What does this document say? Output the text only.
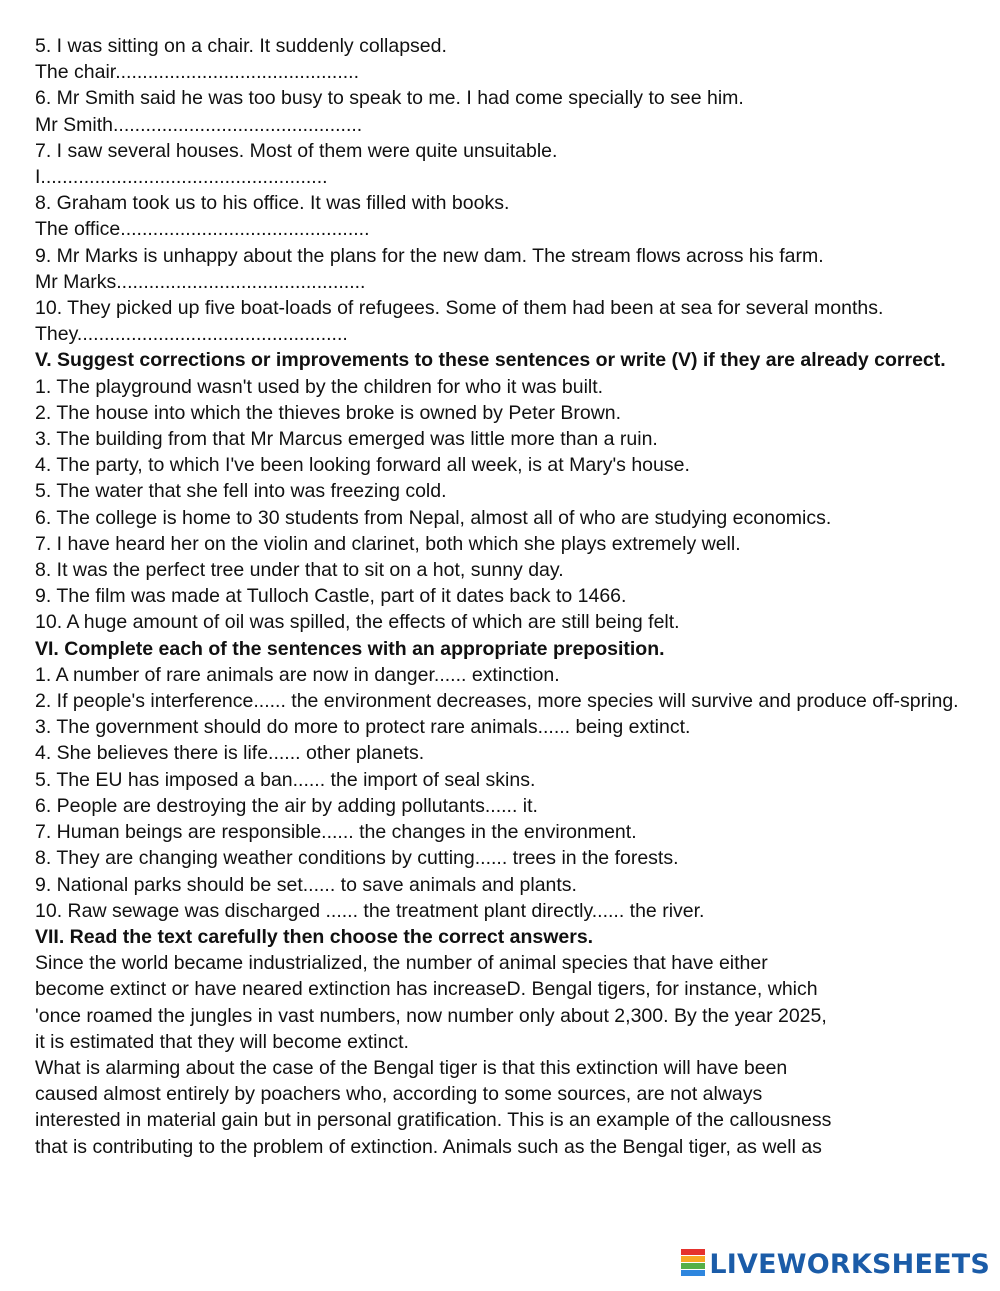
5. I was sitting on a chair. It suddenly collapsed.
The chair.............................................
6. Mr Smith said he was too busy to speak to me. I had come specially to see him.
Mr Smith..............................................
7. I saw several houses. Most of them were quite unsuitable.
I.....................................................
8. Graham took us to his office. It was filled with books.
The office..............................................
9. Mr Marks is unhappy about the plans for the new dam. The stream flows across his farm.
Mr Marks..............................................
10. They picked up five boat-loads of refugees. Some of them had been at sea for several months.
They..................................................
V. Suggest corrections or improvements to these sentences or write (V) if they are already correct.
1. The playground wasn't used by the children for who it was built.
2. The house into which the thieves broke is owned by Peter Brown.
3. The building from that Mr Marcus emerged was little more than a ruin.
4. The party, to which I've been looking forward all week, is at Mary's house.
5. The water that she fell into was freezing cold.
6. The college is home to 30 students from Nepal, almost all of who are studying economics.
7. I have heard her on the violin and clarinet, both which she plays extremely well.
8. It was the perfect tree under that to sit on a hot, sunny day.
9. The film was made at Tulloch Castle, part of it dates back to 1466.
10. A huge amount of oil was spilled, the effects of which are still being felt.
VI. Complete each of the sentences with an appropriate preposition.
1. A number of rare animals are now in danger...... extinction.
2. If people's interference...... the environment decreases, more species will survive and produce off-spring.
3. The government should do more to protect rare animals...... being extinct.
4. She believes there is life...... other planets.
5. The EU has imposed a ban...... the import of seal skins.
6. People are destroying the air by adding pollutants...... it.
7. Human beings are responsible...... the changes in the environment.
8. They are changing weather conditions by cutting...... trees in the forests.
9. National parks should be set...... to save animals and plants.
10. Raw sewage was discharged ...... the treatment plant directly...... the river.
VII. Read the text carefully then choose the correct answers.
Since the world became industrialized, the number of animal species that have either
become extinct or have neared extinction has increaseD. Bengal tigers, for instance, which
'once roamed the jungles in vast numbers, now number only about 2,300. By the year 2025,
it is estimated that they will become extinct.
What is alarming about the case of the Bengal tiger is that this extinction will have been
caused almost entirely by poachers who, according to some sources, are not always
interested in material gain but in personal gratification. This is an example of the callousness
that is contributing to the problem of extinction. Animals such as the Bengal tiger, as well as
LIVEWORKSHEETS
